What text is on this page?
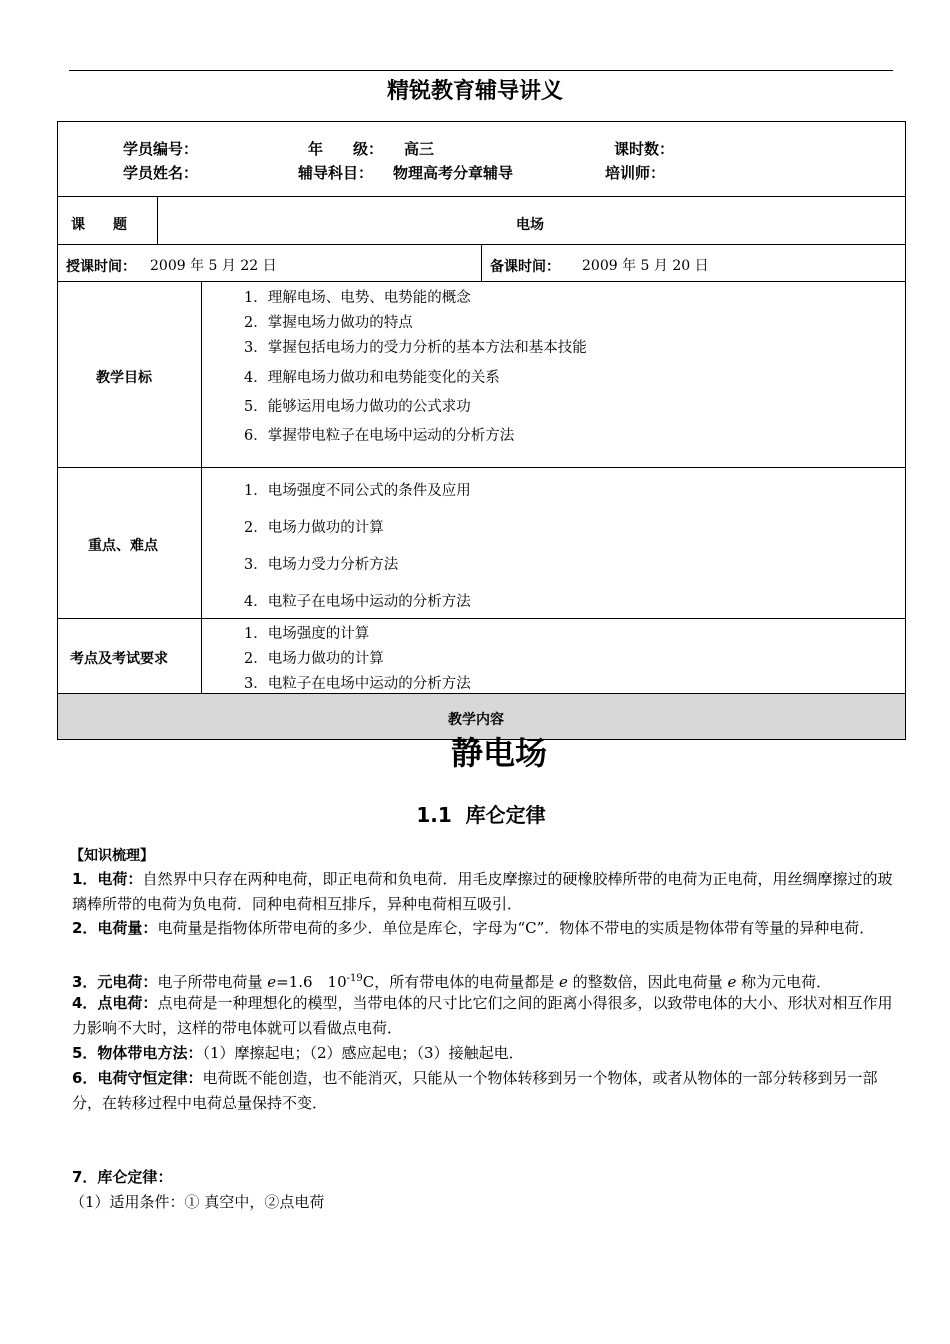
精锐教育辅导讲义
教学内容
学员编号：	年　　级： 高三	课时数：
学员姓名：	辅导科目： 物理高考分章辅导	培训师：
课　　题	电场
授课时间： 2009 年 5 月 22 日	备课时间： 2009 年 5 月 20 日
教学目标
1．理解电场、电势、电势能的概念
2．掌握电场力做功的特点
3．掌握包括电场力的受力分析的基本方法和基本技能
4．理解电场力做功和电势能变化的关系
5．能够运用电场力做功的公式求功
6．掌握带电粒子在电场中运动的分析方法
重点、难点
1．电场强度不同公式的条件及应用
2．电场力做功的计算
3．电场力受力分析方法
4．电粒子在电场中运动的分析方法
考点及考试要求
1．电场强度的计算
2．电场力做功的计算
3．电粒子在电场中运动的分析方法
静电场
1.1  库仑定律
【知识梳理】
1．电荷：自然界中只存在两种电荷，即正电荷和负电荷．用毛皮摩擦过的硬橡胶棒所带的电荷为正电荷，用丝绸摩擦过的玻璃棒所带的电荷为负电荷．同种电荷相互排斥，异种电荷相互吸引．
2．电荷量：电荷量是指物体所带电荷的多少．单位是库仑，字母为“C”．物体不带电的实质是物体带有等量的异种电荷．
3．元电荷：电子所带电荷量 e=1.6　$10^{-19}C$，所有带电体的电荷量都是 e 的整数倍，因此电荷量 e 称为元电荷．
4．点电荷：点电荷是一种理想化的模型，当带电体的尺寸比它们之间的距离小得很多，以致带电体的大小、形状对相互作用力影响不大时，这样的带电体就可以看做点电荷．
5．物体带电方法：（1）摩擦起电；（2）感应起电；（3）接触起电．
6．电荷守恒定律：电荷既不能创造，也不能消灭，只能从一个物体转移到另一个物体，或者从物体的一部分转移到另一部分，在转移过程中电荷总量保持不变．
7．库仑定律：
（1）适用条件：① 真空中，②点电荷
